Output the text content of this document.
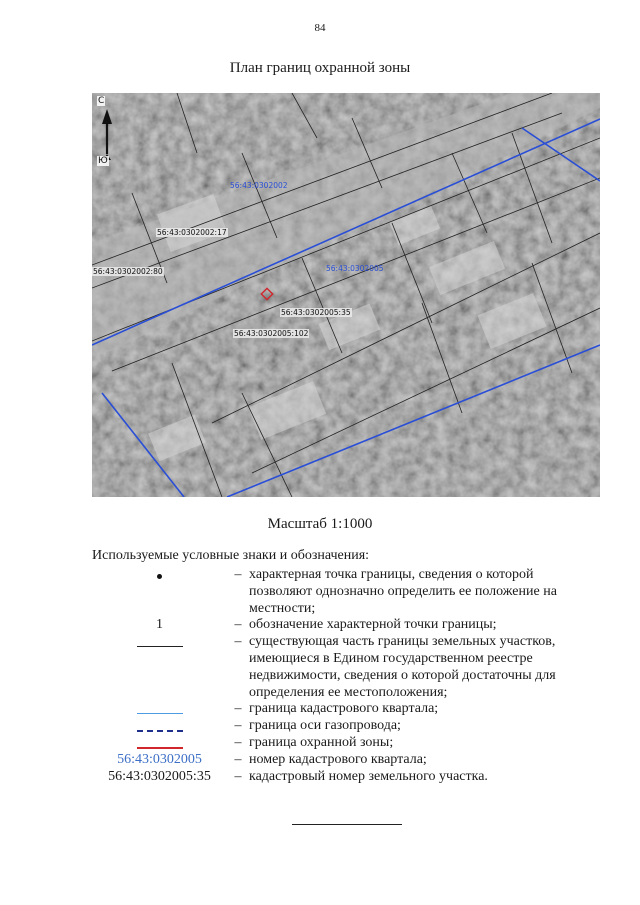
84
План границ охранной зоны
С
Ю
56:43:0302002
56:43:0302005
56:43:0302002:17
56:43:0302002:80
56:43:0302005:35
56:43:0302005:102
Масштаб 1:1000
Используемые условные знаки и обозначения:
– характерная точка границы, сведения о которой позволяют однозначно определить ее положение на местности;
1	– обозначение характерной точки границы;
– существующая часть границы земельных участков, имеющиеся в Едином государственном реестре недвижимости, сведения о которой достаточны для определения ее местоположения;
– граница кадастрового квартала;
– граница оси газопровода;
– граница охранной зоны;
56:43:0302005	– номер кадастрового квартала;
56:43:0302005:35	– кадастровый номер земельного участка.
